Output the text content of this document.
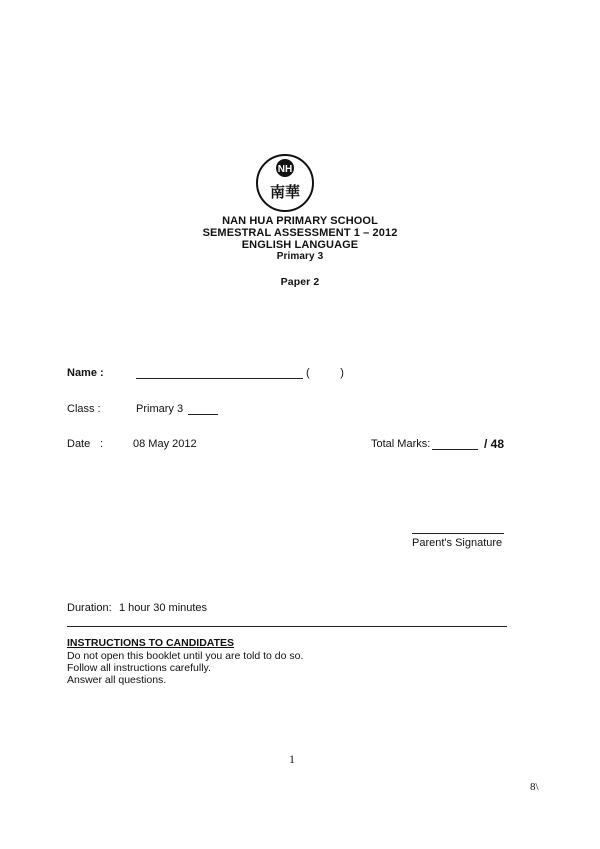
NH
南華
NAN HUA PRIMARY SCHOOL
SEMESTRAL ASSESSMENT 1 – 2012
ENGLISH LANGUAGE
Primary 3
Paper 2
Name :	(          )
Class :	Primary 3
Date :	08 May 2012	Total Marks:	/ 48
Parent's Signature
Duration: 1 hour 30 minutes
INSTRUCTIONS TO CANDIDATES
Do not open this booklet until you are told to do so.
Follow all instructions carefully.
Answer all questions.
1
8\
